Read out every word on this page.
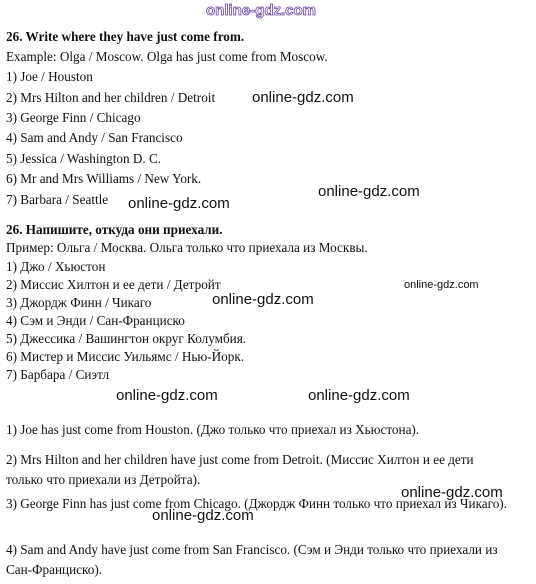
online-gdz.com
26. Write where they have just come from.
Example: Olga / Moscow. Olga has just come from Moscow.
1) Joe / Houston
2) Mrs Hilton and her children / Detroit
3) George Finn / Chicago
4) Sam and Andy / San Francisco
5) Jessica / Washington D. C.
6) Mr and Mrs Williams / New York.
7) Barbara / Seattle
26. Напишите, откуда они приехали.
Пример: Ольга / Москва. Ольга только что приехала из Москвы.
1) Джо / Хьюстон
2) Миссис Хилтон и ее дети / Детройт
3) Джордж Финн / Чикаго
4) Сэм и Энди / Сан-Франциско
5) Джессика / Вашингтон округ Колумбия.
6) Мистер и Миссис Уильямс / Нью-Йорк.
7) Барбара / Сиэтл
1) Joe has just come from Houston. (Джо только что приехал из Хьюстона).
2) Mrs Hilton and her children have just come from Detroit. (Миссис Хилтон и ее дети только что приехали из Детройта).
3) George Finn has just come from Chicago. (Джордж Финн только что приехал из Чикаго).
4) Sam and Andy have just come from San Francisco. (Сэм и Энди только что приехали из Сан-Франциско).
online-gdz.com
online-gdz.com
online-gdz.com
online-gdz.com
online-gdz.com
online-gdz.com	online-gdz.com
online-gdz.com
online-gdz.com
